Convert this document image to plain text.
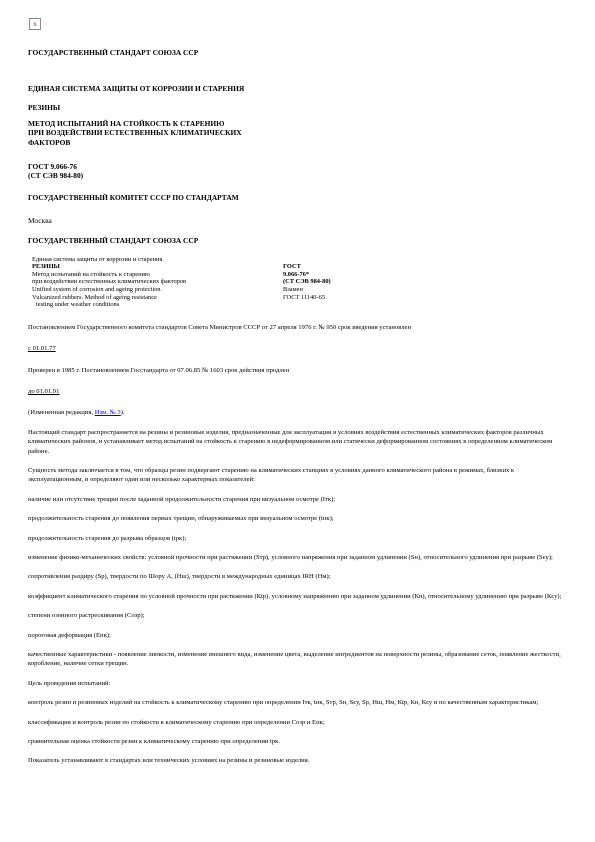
x

ГОСУДАРСТВЕННЫЙ СТАНДАРТ СОЮЗА ССР

ЕДИНАЯ СИСТЕМА ЗАЩИТЫ ОТ КОРРОЗИИ И СТАРЕНИЯ

РЕЗИНЫ

МЕТОД ИСПЫТАНИЙ НА СТОЙКОСТЬ К СТАРЕНИЮ

ПРИ ВОЗДЕЙСТВИИ ЕСТЕСТВЕННЫХ КЛИМАТИЧЕСКИХ

ФАКТОРОВ

ГОСТ 9.066-76

(СТ СЭВ 984-80)

ГОСУДАРСТВЕННЫЙ КОМИТЕТ СССР ПО СТАНДАРТАМ

Москва

ГОСУДАРСТВЕННЫЙ СТАНДАРТ СОЮЗА ССР

Единая система защиты от коррозии и старения	
РЕЗИНЫ	ГОСТ
Метод испытаний на стойкость к старению	9.066-76*
при воздействии естественных климатических факторов	(СТ СЭВ 984-80)
Unified system of corrosion and ageing protection.	Взамен
Vulcanized rubbers. Method of ageing resistance	ГОСТ 11140-65
testing under weather conditions	

Постановлением Государственного комитета стандартов Совета Министров СССР от 27 апреля 1976 г. № 950 срок введения установлен

с 01.01.77

Проверен в 1985 г. Постановлением Госстандарта от 07.06.85 № 1603 срок действия продлен

до 01.01.91

(Измененная редакция, Изм. № 3).

Настоящий стандарт распространяется на резины и резиновые изделия, предназначенные для эксплуатации в условиях воздействия естественных климатических факторов различных климатических районов, и устанавливает метод испытаний на стойкость к старению в недеформированном или статически деформированном состояниях в определенном климатическом районе.

Сущность метода заключается в том, что образцы резин подвергают старению на климатических станциях в условиях данного климатического района в режимах, близких к эксплуатационным, и определяют один или несколько характерных показателей:

наличие или отсутствие трещин после заданной продолжительности старения при визуальном осмотре (Ітк);

продолжительность старения до появления первых трещин, обнаруживаемых при визуальном осмотре (tнк);

продолжительность старения до разрыва образцов (tрк);

изменение физико-механических свойств: условной прочности при растяжении (Sтр), условного напряжения при заданном удлинении (Sн), относительного удлинения при разрыве (Sєу);

сопротивления раздиру (Sр), твердости по Шору А, (Нш), твердости в международных единицах IRH (Нм);

коэффициент климатического старения по условной прочности при растяжении (Кtр), условному напряжению при заданном удлинении (Кн), относительному удлинению при разрыве (Кєу);

степени озонного растрескивания (Созр);

пороговая деформация (Eпк);

качественные характеристики - появление липкости, изменение внешнего вида, изменение цвета, выделение ингредиентов на поверхности резины, образование сеток, появление жесткости, коробление, наличие сетки трещин.

Цель проведения испытаний:

контроль резин и резиновых изделий на стойкость к климатическому старению при определении Ітк, tнк, Sтр, Sн, Sєу, Sр, Нш, Нм, Кtр, Кн, Кєу и по качественным характеристикам;

классификация и контроль резин по стойкости к климатическому старению при определении Созр и Eпк;

сравнительная оценка стойкости резин к климатическому старению при определении tрк.

Показатель устанавливают в стандартах или технических условиях на резины и резиновые изделия.
